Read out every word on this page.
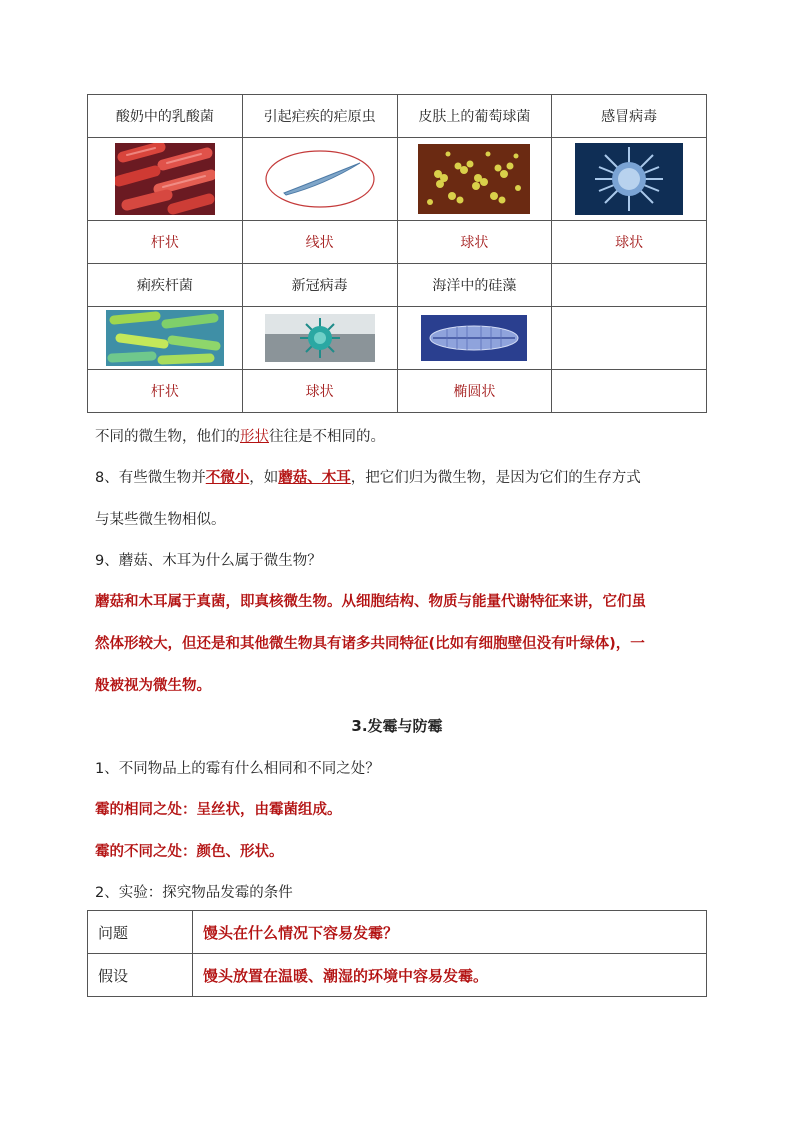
酸奶中的乳酸菌	引起疟疾的疟原虫	皮肤上的葡萄球菌	感冒病毒

杆状	线状	球状	球状
痢疾杆菌	新冠病毒	海洋中的硅藻	

杆状	球状	椭圆状	
不同的微生物，他们的形状往往是不相同的。
8、有些微生物并不微小，如蘑菇、木耳，把它们归为微生物，是因为它们的生存方式
与某些微生物相似。
9、蘑菇、木耳为什么属于微生物？
蘑菇和木耳属于真菌，即真核微生物。从细胞结构、物质与能量代谢特征来讲，它们虽
然体形较大，但还是和其他微生物具有诸多共同特征(比如有细胞壁但没有叶绿体)，一
般被视为微生物。
3.发霉与防霉
1、不同物品上的霉有什么相同和不同之处？
霉的相同之处：呈丝状，由霉菌组成。
霉的不同之处：颜色、形状。
2、实验：探究物品发霉的条件
问题	馒头在什么情况下容易发霉？
假设	馒头放置在温暖、潮湿的环境中容易发霉。
